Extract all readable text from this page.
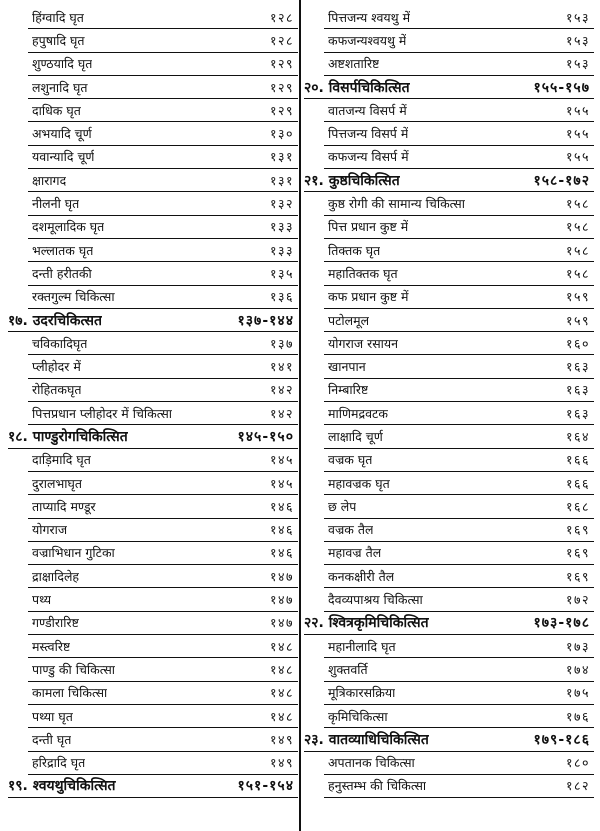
हिंग्वादि घृत	१२८
हपुषादि घृत	१२८
शुण्ठयादि घृत	१२९
लशुनादि घृत	१२९
दाधिक घृत	१२९
अभयादि चूर्ण	१३०
यवान्यादि चूर्ण	१३१
क्षारागद	१३१
नीलनी घृत	१३२
दशमूलादिक घृत	१३३
भल्लातक घृत	१३३
दन्ती हरीतकी	१३५
रक्तगुल्म चिकित्सा	१३६
१७. उदरचिकित्सत	१३७-१४४
चविकादिघृत	१३७
प्लीहोदर में	१४१
रोहितकघृत	१४२
पित्तप्रधान प्लीहोदर में चिकित्सा	१४२
१८. पाण्डुरोगचिकित्सित	१४५-१५०
दाड़िमादि घृत	१४५
दुरालभाघृत	१४५
ताप्यादि मण्डूर	१४६
योगराज	१४६
वज्राभिधान गुटिका	१४६
द्राक्षादिलेह	१४७
पथ्य	१४७
गण्डीरारिष्ट	१४७
मस्त्वरिष्ट	१४८
पाण्डु की चिकित्सा	१४८
कामला चिकित्सा	१४८
पथ्या घृत	१४८
दन्ती घृत	१४९
हरिद्रादि घृत	१४९
१९. श्वयथुचिकित्सित	१५१-१५४
पित्तजन्य श्वयथु में	१५३
कफजन्यश्वयथु में	१५३
अष्टशतारिष्ट	१५३
२०. विसर्पचिकित्सित	१५५-१५७
वातजन्य विसर्प में	१५५
पित्तजन्य विसर्प में	१५५
कफजन्य विसर्प में	१५५
२१. कुष्ठचिकित्सित	१५८-१७२
कुष्ठ रोगी की सामान्य चिकित्सा	१५८
पित्त प्रधान कुष्ट में	१५८
तिक्तक घृत	१५८
महातिक्तक घृत	१५८
कफ प्रधान कुष्ट में	१५९
पटोलमूल	१५९
योगराज रसायन	१६०
खानपान	१६३
निम्बारिष्ट	१६३
माणिमद्रवटक	१६३
लाक्षादि चूर्ण	१६४
वज्रक घृत	१६६
महावज्रक घृत	१६६
छ लेप	१६८
वज्रक तैल	१६९
महावज्र तैल	१६९
कनकक्षीरी तैल	१६९
दैवव्यपाश्रय चिकित्सा	१७२
२२. श्वित्रकृमिचिकित्सित	१७३-१७८
महानीलादि घृत	१७३
शुक्तवर्ति	१७४
मूत्रिकारसक्रिया	१७५
कृमिचिकित्सा	१७६
२३. वातव्याधिचिकित्सित	१७९-१८६
अपतानक चिकित्सा	१८०
हनुस्तम्भ की चिकित्सा	१८२
